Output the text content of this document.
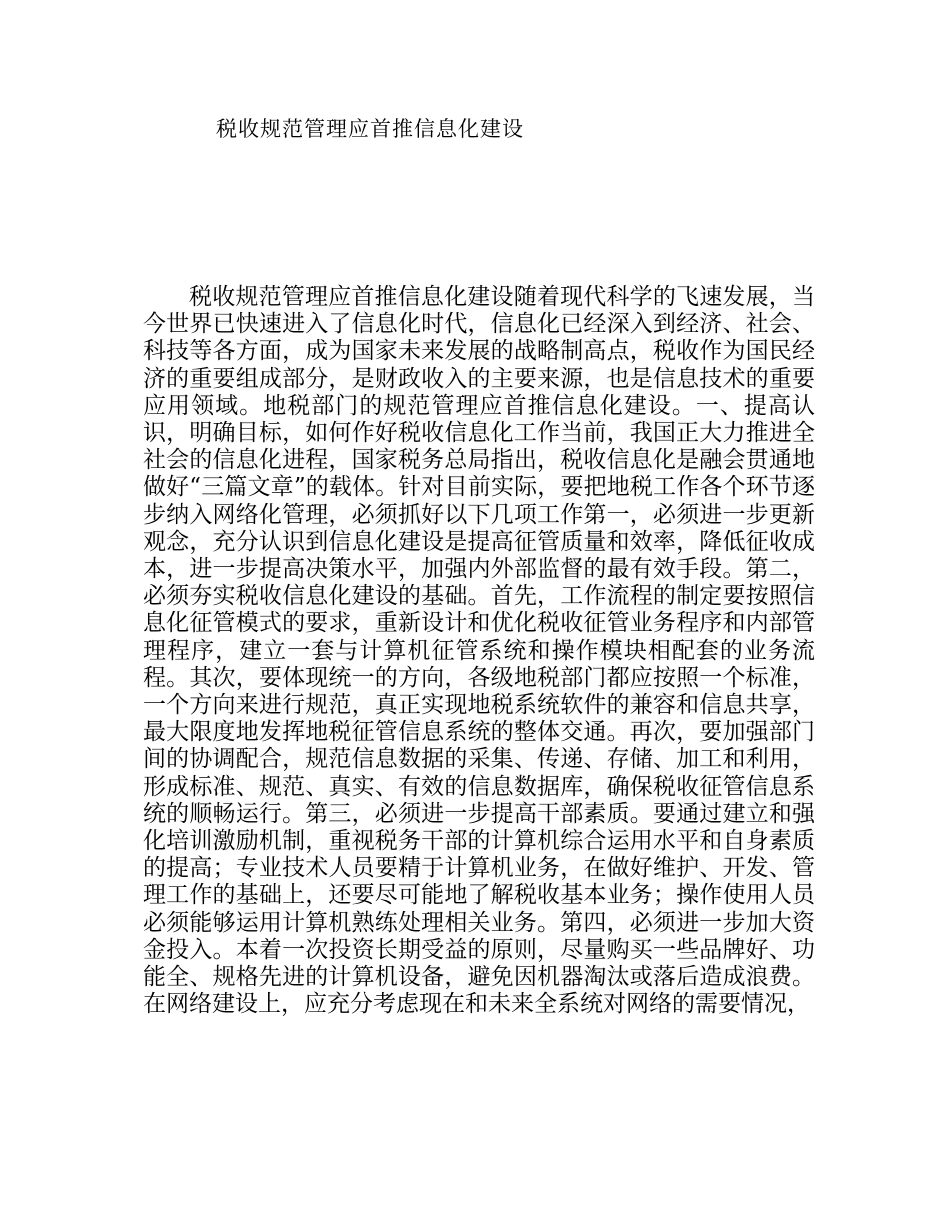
税收规范管理应首推信息化建设

税收规范管理应首推信息化建设随着现代科学的飞速发展，当今世界已快速进入了信息化时代，信息化已经深入到经济、社会、科技等各方面，成为国家未来发展的战略制高点，税收作为国民经济的重要组成部分，是财政收入的主要来源，也是信息技术的重要应用领域。地税部门的规范管理应首推信息化建设。一、提高认识，明确目标，如何作好税收信息化工作当前，我国正大力推进全社会的信息化进程，国家税务总局指出，税收信息化是融会贯通地做好“三篇文章”的载体。针对目前实际，要把地税工作各个环节逐步纳入网络化管理，必须抓好以下几项工作第一，必须进一步更新观念，充分认识到信息化建设是提高征管质量和效率，降低征收成本，进一步提高决策水平，加强内外部监督的最有效手段。第二，必须夯实税收信息化建设的基础。首先，工作流程的制定要按照信息化征管模式的要求，重新设计和优化税收征管业务程序和内部管理程序，建立一套与计算机征管系统和操作模块相配套的业务流程。其次，要体现统一的方向，各级地税部门都应按照一个标准，一个方向来进行规范，真正实现地税系统软件的兼容和信息共享，最大限度地发挥地税征管信息系统的整体交通。再次，要加强部门间的协调配合，规范信息数据的采集、传递、存储、加工和利用，形成标准、规范、真实、有效的信息数据库，确保税收征管信息系统的顺畅运行。第三，必须进一步提高干部素质。要通过建立和强化培训激励机制，重视税务干部的计算机综合运用水平和自身素质的提高；专业技术人员要精于计算机业务，在做好维护、开发、管理工作的基础上，还要尽可能地了解税收基本业务；操作使用人员必须能够运用计算机熟练处理相关业务。第四，必须进一步加大资金投入。本着一次投资长期受益的原则，尽量购买一些品牌好、功能全、规格先进的计算机设备，避免因机器淘汰或落后造成浪费。在网络建设上，应充分考虑现在和未来全系统对网络的需要情况，
